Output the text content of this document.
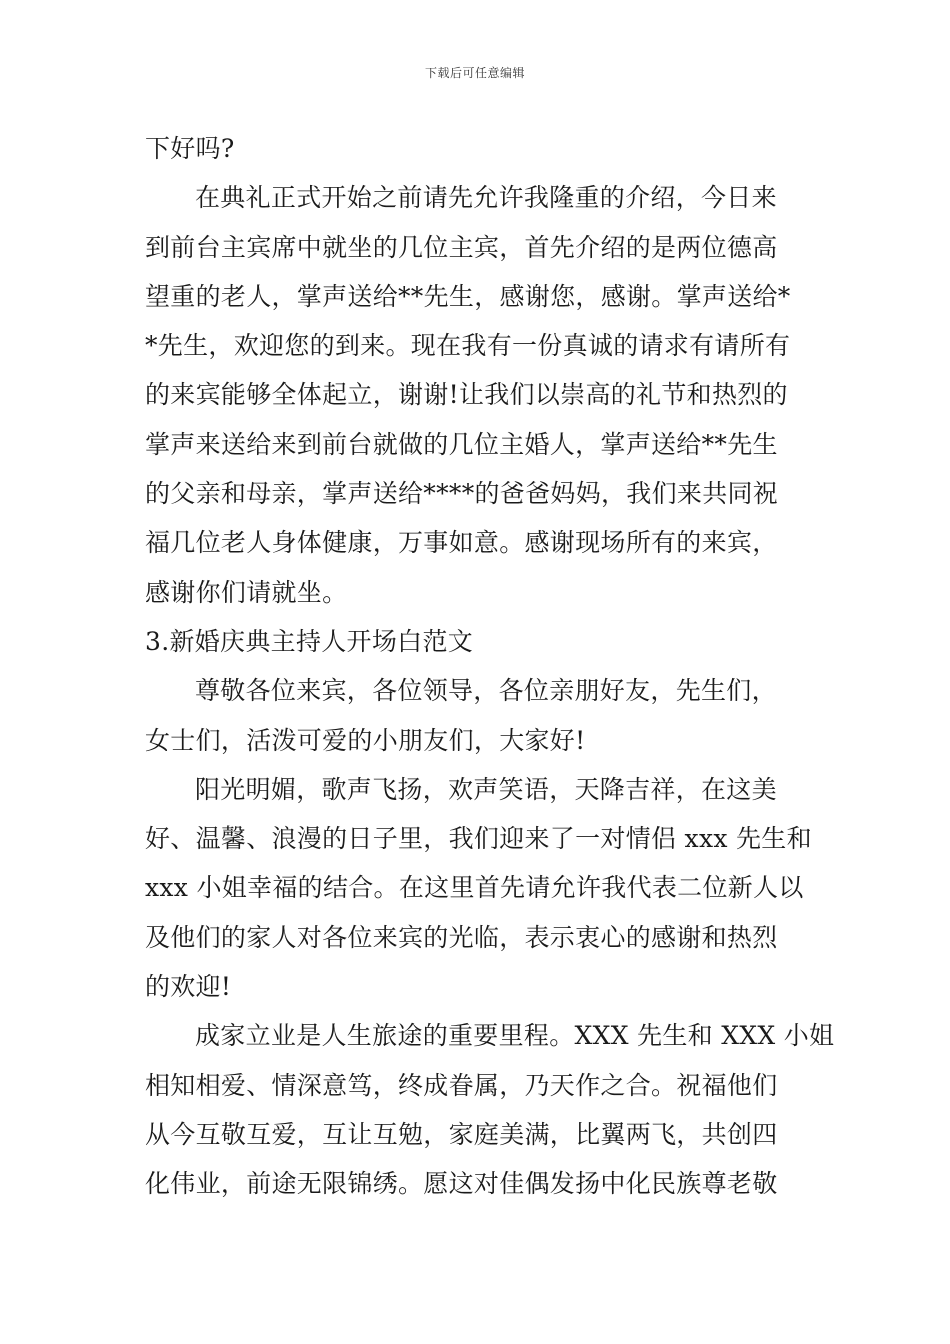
下载后可任意编辑
下好吗?
在典礼正式开始之前请先允许我隆重的介绍，今日来
到前台主宾席中就坐的几位主宾，首先介绍的是两位德高
望重的老人，掌声送给**先生，感谢您，感谢。掌声送给*
*先生，欢迎您的到来。现在我有一份真诚的请求有请所有
的来宾能够全体起立，谢谢!让我们以崇高的礼节和热烈的
掌声来送给来到前台就做的几位主婚人，掌声送给**先生
的父亲和母亲，掌声送给****的爸爸妈妈，我们来共同祝
福几位老人身体健康，万事如意。感谢现场所有的来宾，
感谢你们请就坐。
3.新婚庆典主持人开场白范文
尊敬各位来宾，各位领导，各位亲朋好友，先生们，
女士们，活泼可爱的小朋友们，大家好!
阳光明媚，歌声飞扬，欢声笑语，天降吉祥，在这美
好、温馨、浪漫的日子里，我们迎来了一对情侣 xxx 先生和
xxx 小姐幸福的结合。在这里首先请允许我代表二位新人以
及他们的家人对各位来宾的光临，表示衷心的感谢和热烈
的欢迎!
成家立业是人生旅途的重要里程。XXX 先生和 XXX 小姐
相知相爱、情深意笃，终成眷属，乃天作之合。祝福他们
从今互敬互爱，互让互勉，家庭美满，比翼两飞，共创四
化伟业，前途无限锦绣。愿这对佳偶发扬中化民族尊老敬
